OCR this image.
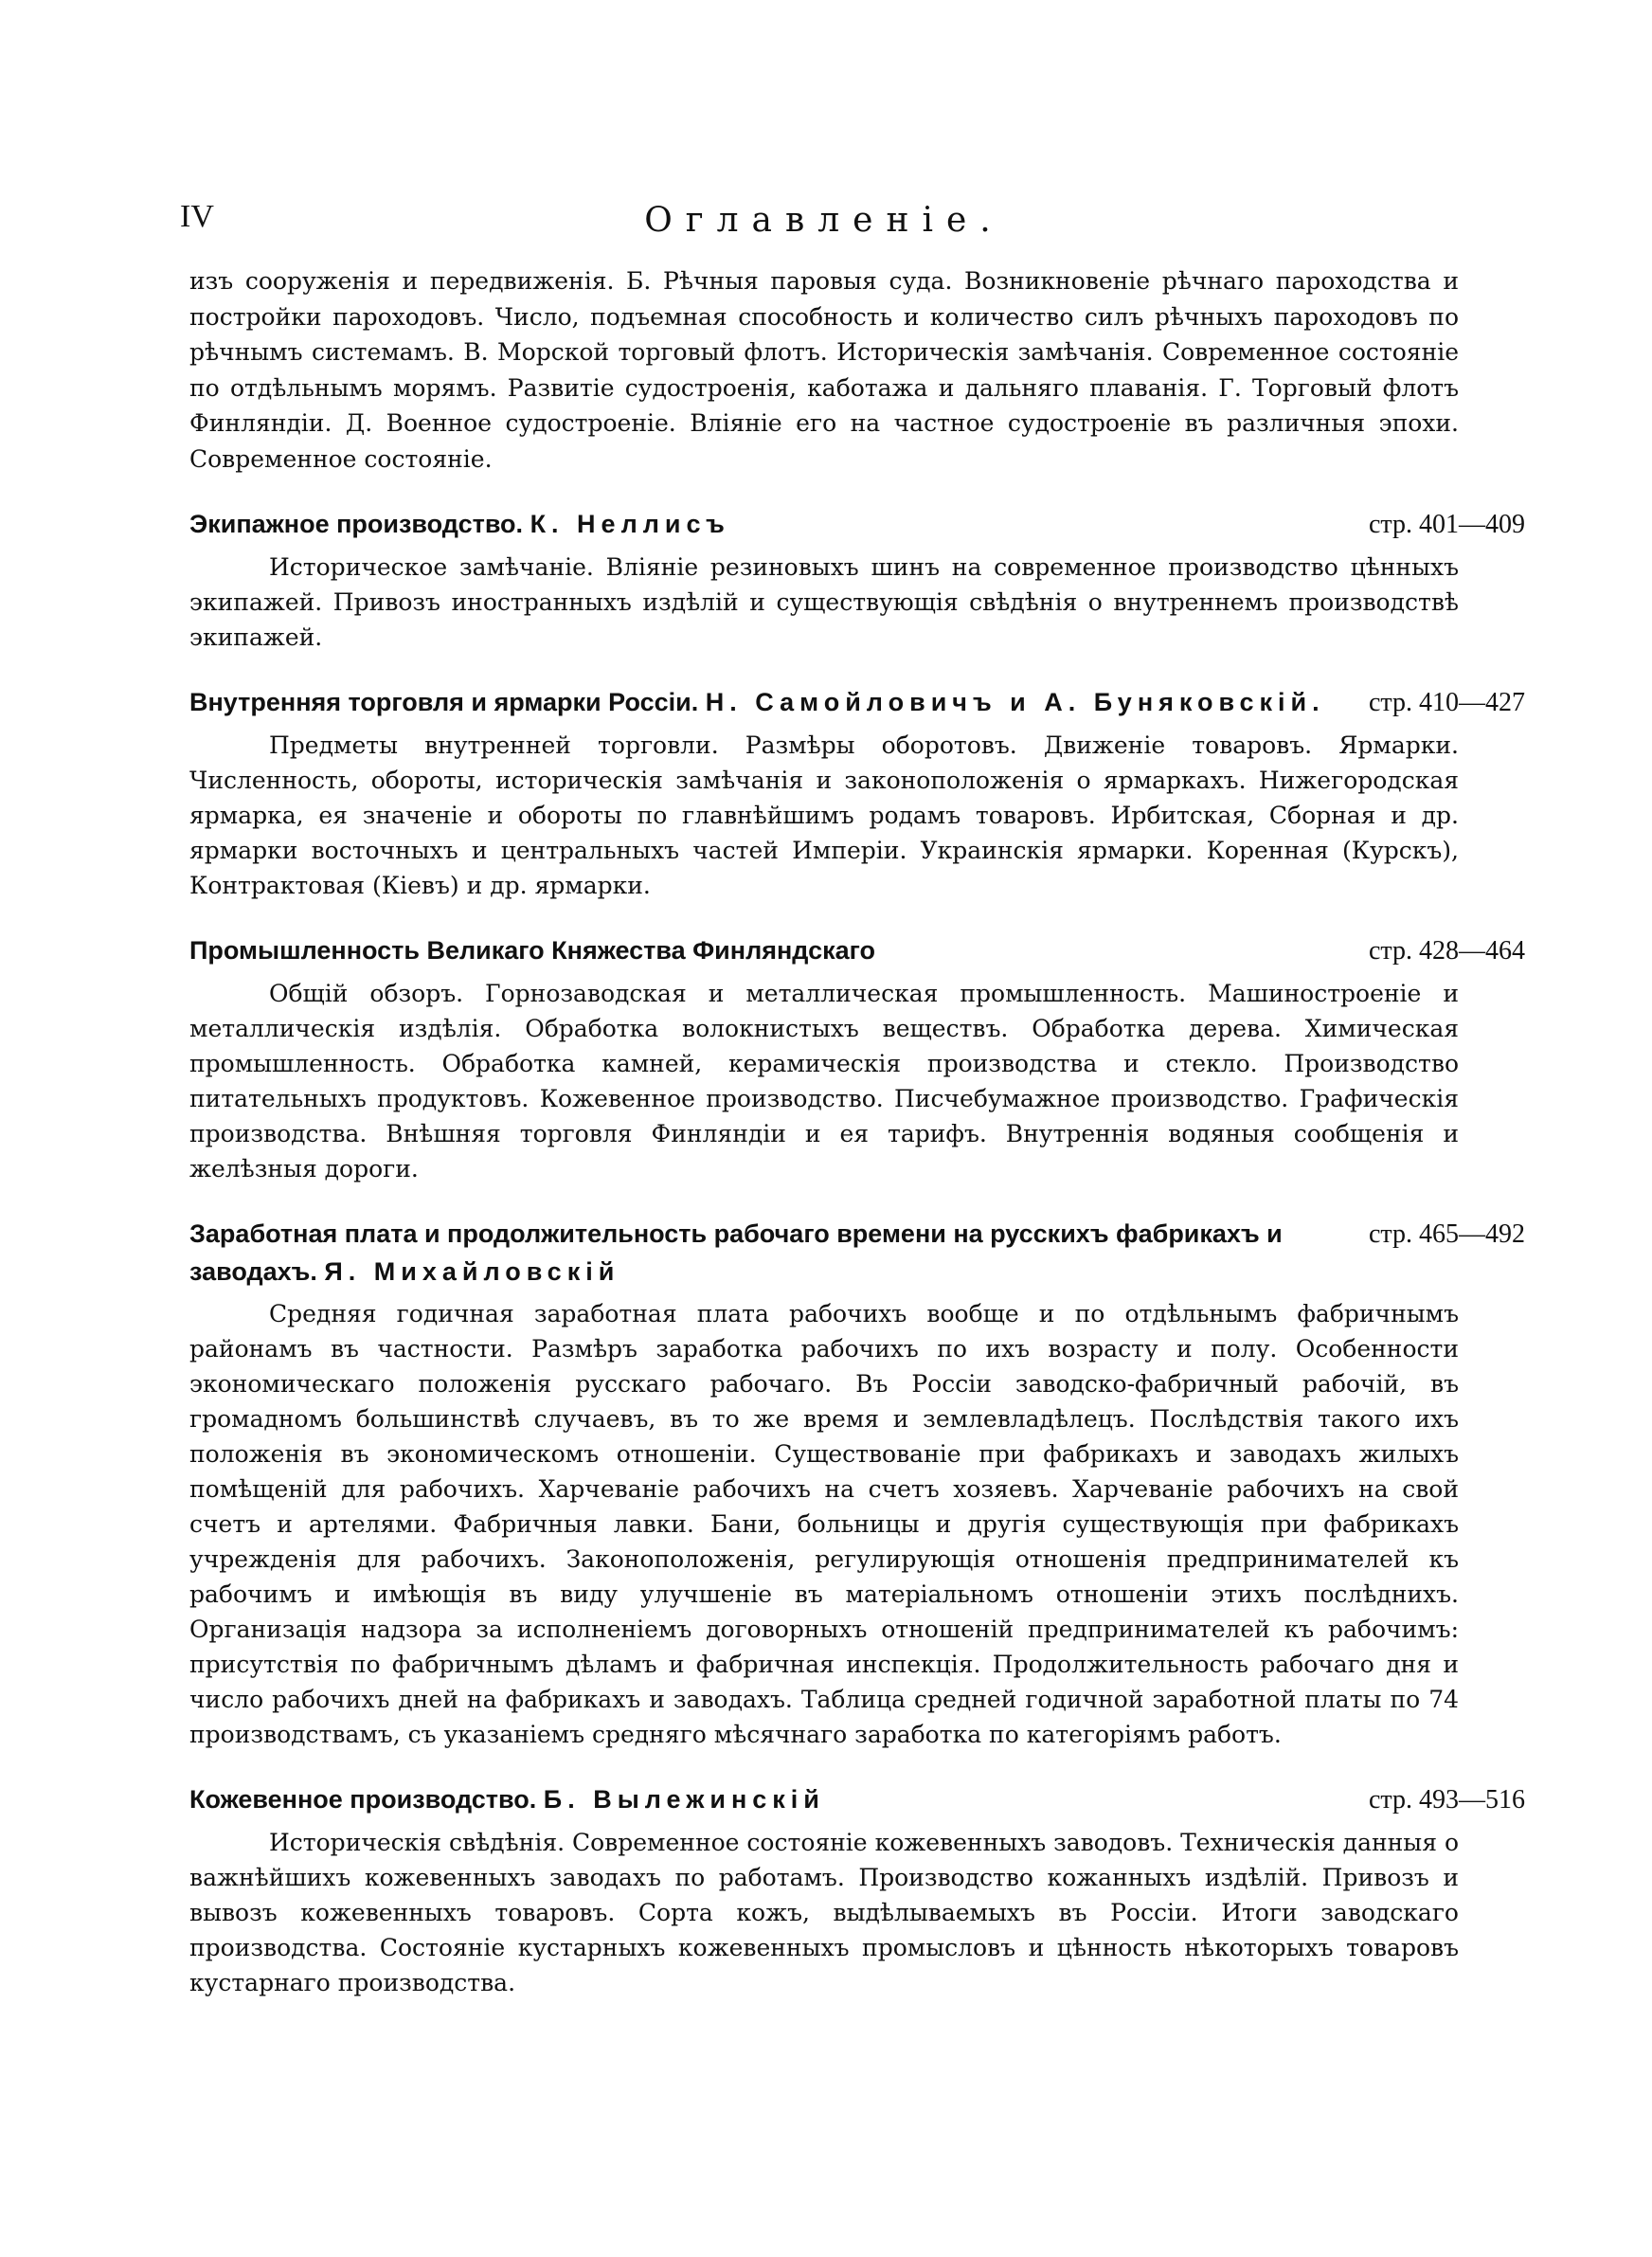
IV	Оглавленіе.
изъ сооруженія и передвиженія. Б. Рѣчныя паровыя суда. Возникновеніе рѣчнаго пароходства и постройки пароходовъ. Число, подъемная способность и количество силъ рѣчныхъ пароходовъ по рѣчнымъ системамъ. В. Морской торговый флотъ. Историческія замѣчанія. Современное состояніе по отдѣльнымъ морямъ. Развитіе судостроенія, каботажа и дальняго плаванія. Г. Торговый флотъ Финляндіи. Д. Военное судостроеніе. Вліяніе его на частное судостроеніе въ различныя эпохи. Современное состояніе.
Экипажное производство. К. Неллисъ	стр. 401—409
Историческое замѣчаніе. Вліяніе резиновыхъ шинъ на современное производство цѣнныхъ экипажей. Привозъ иностранныхъ издѣлій и существующія свѣдѣнія о внутреннемъ производствѣ экипажей.
Внутренняя торговля и ярмарки Россіи. Н. Самойловичъ и А. Буняковскій.	стр. 410—427
Предметы внутренней торговли. Размѣры оборотовъ. Движеніе товаровъ. Ярмарки. Численность, обороты, историческія замѣчанія и законоположенія о ярмаркахъ. Нижегородская ярмарка, ея значеніе и обороты по главнѣйшимъ родамъ товаровъ. Ирбитская, Сборная и др. ярмарки восточныхъ и центральныхъ частей Имперіи. Украинскія ярмарки. Коренная (Курскъ), Контрактовая (Кіевъ) и др. ярмарки.
Промышленность Великаго Княжества Финляндскаго	стр. 428—464
Общій обзоръ. Горнозаводская и металлическая промышленность. Машиностроеніе и металлическія издѣлія. Обработка волокнистыхъ веществъ. Обработка дерева. Химическая промышленность. Обработка камней, керамическія производства и стекло. Производство питательныхъ продуктовъ. Кожевенное производство. Писчебумажное производство. Графическія производства. Внѣшняя торговля Финляндіи и ея тарифъ. Внутреннія водяныя сообщенія и желѣзныя дороги.
Заработная плата и продолжительность рабочаго времени на русскихъ фабрикахъ и заводахъ. Я. Михайловскій
стр. 465—492
Средняя годичная заработная плата рабочихъ вообще и по отдѣльнымъ фабричнымъ районамъ въ частности. Размѣръ заработка рабочихъ по ихъ возрасту и полу. Особенности экономическаго положенія русскаго рабочаго. Въ Россіи заводско-фабричный рабочій, въ громадномъ большинствѣ случаевъ, въ то же время и землевладѣлецъ. Послѣдствія такого ихъ положенія въ экономическомъ отношеніи. Существованіе при фабрикахъ и заводахъ жилыхъ помѣщеній для рабочихъ. Харчеваніе рабочихъ на счетъ хозяевъ. Харчеваніе рабочихъ на свой счетъ и артелями. Фабричныя лавки. Бани, больницы и другія существующія при фабрикахъ учрежденія для рабочихъ. Законоположенія, регулирующія отношенія предпринимателей къ рабочимъ и имѣющія въ виду улучшеніе въ матеріальномъ отношеніи этихъ послѣднихъ. Организація надзора за исполненіемъ договорныхъ отношеній предпринимателей къ рабочимъ: присутствія по фабричнымъ дѣламъ и фабричная инспекція. Продолжительность рабочаго дня и число рабочихъ дней на фабрикахъ и заводахъ. Таблица средней годичной заработной платы по 74 производствамъ, съ указаніемъ средняго мѣсячнаго заработка по категоріямъ работъ.
Кожевенное производство. Б. Вылежинскій	стр. 493—516
Историческія свѣдѣнія. Современное состояніе кожевенныхъ заводовъ. Техническія данныя о важнѣйшихъ кожевенныхъ заводахъ по работамъ. Производство кожанныхъ издѣлій. Привозъ и вывозъ кожевенныхъ товаровъ. Сорта кожъ, выдѣлываемыхъ въ Россіи. Итоги заводскаго производства. Состояніе кустарныхъ кожевенныхъ промысловъ и цѣнность нѣкоторыхъ товаровъ кустарнаго производства.
